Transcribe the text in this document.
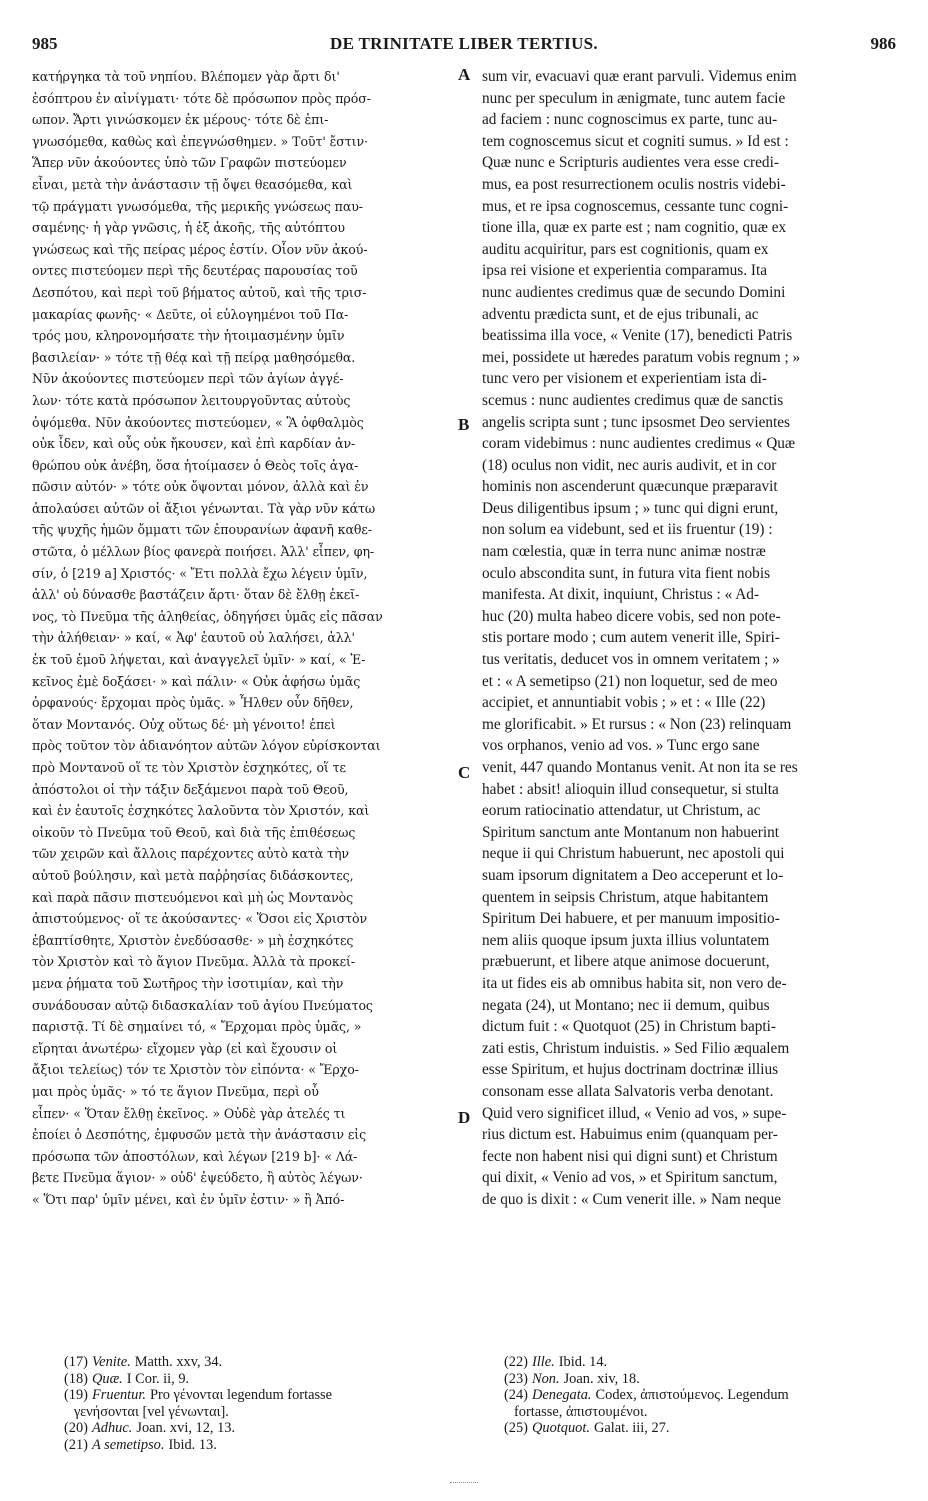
985	DE TRINITATE LIBER TERTIUS.	986
κατήργηκα τὰ τοῦ νηπίου. Βλέπομεν γὰρ ἄρτι δι'
ἐσόπτρου ἐν αἰνίγματι· τότε δὲ πρόσωπον πρὸς πρόσ-
ωπον. Ἄρτι γινώσκομεν ἐκ μέρους· τότε δὲ ἐπι-
γνωσόμεθα, καθὼς καὶ ἐπεγνώσθημεν. » Τοῦτ' ἔστιν·
Ἅπερ νῦν ἀκούοντες ὑπὸ τῶν Γραφῶν πιστεύομεν
εἶναι, μετὰ τὴν ἀνάστασιν τῇ ὄψει θεασόμεθα, καὶ
τῷ πράγματι γνωσόμεθα, τῆς μερικῆς γνώσεως παυ-
σαμένης· ἡ γὰρ γνῶσις, ἡ ἐξ ἀκοῆς, τῆς αὐτόπτου
γνώσεως καὶ τῆς πείρας μέρος ἐστίν. Οἷον νῦν ἀκού-
οντες πιστεύομεν περὶ τῆς δευτέρας παρουσίας τοῦ
Δεσπότου, καὶ περὶ τοῦ βήματος αὐτοῦ, καὶ τῆς τρισ-
μακαρίας φωνῆς· « Δεῦτε, οἱ εὐλογημένοι τοῦ Πα-
τρός μου, κληρονομήσατε τὴν ἡτοιμασμένην ὑμῖν
βασιλείαν· » τότε τῇ θέᾳ καὶ τῇ πείρᾳ μαθησόμεθα.
Νῦν ἀκούοντες πιστεύομεν περὶ τῶν ἁγίων ἀγγέ-
λων· τότε κατὰ πρόσωπον λειτουργοῦντας αὐτοὺς
ὀψόμεθα. Νῦν ἀκούοντες πιστεύομεν, « Ἃ ὀφθαλμὸς
οὐκ ἶδεν, καὶ οὖς οὐκ ἤκουσεν, καὶ ἐπὶ καρδίαν ἀν-
θρώπου οὐκ ἀνέβη, ὅσα ἡτοίμασεν ὁ Θεὸς τοῖς ἀγα-
πῶσιν αὐτόν· » τότε οὐκ ὄψονται μόνον, ἀλλὰ καὶ ἐν
ἀπολαύσει αὐτῶν οἱ ἄξιοι γένωνται. Τὰ γὰρ νῦν κάτω
τῆς ψυχῆς ἡμῶν ὄμματι τῶν ἐπουρανίων ἀφανῆ καθε-
στῶτα, ὁ μέλλων βίος φανερὰ ποιήσει. Ἀλλ' εἶπεν, φη-
σίν, ὁ [219 a] Χριστός· « Ἔτι πολλὰ ἔχω λέγειν ὑμῖν,
ἀλλ' οὐ δύνασθε βαστάζειν ἄρτι· ὅταν δὲ ἔλθῃ ἐκεῖ-
νος, τὸ Πνεῦμα τῆς ἀληθείας, ὁδηγήσει ὑμᾶς εἰς πᾶσαν
τὴν ἀλήθειαν· » καί, « Ἀφ' ἑαυτοῦ οὐ λαλήσει, ἀλλ'
ἐκ τοῦ ἐμοῦ λήψεται, καὶ ἀναγγελεῖ ὑμῖν· » καί, « Ἐ-
κεῖνος ἐμὲ δοξάσει· » καὶ πάλιν· « Οὐκ ἀφήσω ὑμᾶς
ὀρφανούς· ἔρχομαι πρὸς ὑμᾶς. » Ἦλθεν οὖν δῆθεν,
ὅταν Μοντανός. Οὐχ οὕτως δέ· μὴ γένοιτο! ἐπεὶ
πρὸς τοῦτον τὸν ἀδιανόητον αὐτῶν λόγον εὑρίσκονται
πρὸ Μοντανοῦ οἵ τε τὸν Χριστὸν ἐσχηκότες, οἵ τε
ἀπόστολοι οἱ τὴν τάξιν δεξάμενοι παρὰ τοῦ Θεοῦ,
καὶ ἐν ἑαυτοῖς ἐσχηκότες λαλοῦντα τὸν Χριστόν, καὶ
οἰκοῦν τὸ Πνεῦμα τοῦ Θεοῦ, καὶ διὰ τῆς ἐπιθέσεως
τῶν χειρῶν καὶ ἄλλοις παρέχοντες αὐτὸ κατὰ τὴν
αὐτοῦ βούλησιν, καὶ μετὰ παῤῥησίας διδάσκοντες,
καὶ παρὰ πᾶσιν πιστευόμενοι καὶ μὴ ὡς Μοντανὸς
ἀπιστούμενος· οἵ τε ἀκούσαντες· « Ὅσοι εἰς Χριστὸν
ἐβαπτίσθητε, Χριστὸν ἐνεδύσασθε· » μὴ ἐσχηκότες
τὸν Χριστὸν καὶ τὸ ἅγιον Πνεῦμα. Ἀλλὰ τὰ προκεί-
μενα ῥήματα τοῦ Σωτῆρος τὴν ἰσοτιμίαν, καὶ τὴν
συνάδουσαν αὐτῷ διδασκαλίαν τοῦ ἁγίου Πνεύματος
παριστᾷ. Τί δὲ σημαίνει τό, « Ἔρχομαι πρὸς ὑμᾶς, »
εἴρηται ἀνωτέρω· εἴχομεν γὰρ (εἰ καὶ ἔχουσιν οἱ
ἄξιοι τελείως) τόν τε Χριστὸν τὸν εἰπόντα· « Ἔρχο-
μαι πρὸς ὑμᾶς· » τό τε ἅγιον Πνεῦμα, περὶ οὗ
εἶπεν· « Ὅταν ἔλθῃ ἐκεῖνος. » Οὐδὲ γὰρ ἀτελές τι
ἐποίει ὁ Δεσπότης, ἐμφυσῶν μετὰ τὴν ἀνάστασιν εἰς
πρόσωπα τῶν ἀποστόλων, καὶ λέγων [219 b]· « Λά-
βετε Πνεῦμα ἅγιον· » οὐδ' ἐψεύδετο, ἢ αὐτὸς λέγων·
« Ὅτι παρ' ὑμῖν μένει, καὶ ἐν ὑμῖν ἐστιν· » ἢ Ἀπό-
sum vir, evacuavi quæ erant parvuli. Videmus enim
nunc per speculum in ænigmate, tunc autem facie
ad faciem : nunc cognoscimus ex parte, tunc au-
tem cognoscemus sicut et cogniti sumus. » Id est :
Quæ nunc e Scripturis audientes vera esse credi-
mus, ea post resurrectionem oculis nostris videbi-
mus, et re ipsa cognoscemus, cessante tunc cogni-
tione illa, quæ ex parte est ; nam cognitio, quæ ex
auditu acquiritur, pars est cognitionis, quam ex
ipsa rei visione et experientia comparamus. Ita
nunc audientes credimus quæ de secundo Domini
adventu prædicta sunt, et de ejus tribunali, ac
beatissima illa voce, « Venite (17), benedicti Patris
mei, possidete ut hæredes paratum vobis regnum ; »
tunc vero per visionem et experientiam ista di-
scemus : nunc audientes credimus quæ de sanctis
angelis scripta sunt ; tunc ipsosmet Deo servientes
coram videbimus : nunc audientes credimus « Quæ
(18) oculus non vidit, nec auris audivit, et in cor
hominis non ascenderunt quæcunque præparavit
Deus diligentibus ipsum ; » tunc qui digni erunt,
non solum ea videbunt, sed et iis fruentur (19) :
nam cœlestia, quæ in terra nunc animæ nostræ
oculo abscondita sunt, in futura vita fient nobis
manifesta. At dixit, inquiunt, Christus : « Ad-
huc (20) multa habeo dicere vobis, sed non pote-
stis portare modo ; cum autem venerit ille, Spiri-
tus veritatis, deducet vos in omnem veritatem ; »
et : « A semetipso (21) non loquetur, sed de meo
accipiet, et annuntiabit vobis ; » et : « Ille (22)
me glorificabit. » Et rursus : « Non (23) relinquam
vos orphanos, venio ad vos. » Tunc ergo sane
venit, 447 quando Montanus venit. At non ita se res
habet : absit! alioquin illud consequetur, si stulta
eorum ratiocinatio attendatur, ut Christum, ac
Spiritum sanctum ante Montanum non habuerint
neque ii qui Christum habuerunt, nec apostoli qui
suam ipsorum dignitatem a Deo acceperunt et lo-
quentem in seipsis Christum, atque habitantem
Spiritum Dei habuere, et per manuum impositio-
nem aliis quoque ipsum juxta illius voluntatem
præbuerunt, et libere atque animose docuerunt,
ita ut fides eis ab omnibus habita sit, non vero de-
negata (24), ut Montano; nec ii demum, quibus
dictum fuit : « Quotquot (25) in Christum bapti-
zati estis, Christum induistis. » Sed Filio æqualem
esse Spiritum, et hujus doctrinam doctrinæ illius
consonam esse allata Salvatoris verba denotant.
Quid vero significet illud, « Venio ad vos, » supe-
rius dictum est. Habuimus enim (quanquam per-
fecte non habent nisi qui digni sunt) et Christum
qui dixit, « Venio ad vos, » et Spiritum sanctum,
de quo is dixit : « Cum venerit ille. » Nam neque
A
B
C
D
(17) Venite. Matth. xxv, 34.
(18) Quæ. I Cor. ii, 9.
(19) Fruentur. Pro γένονται legendum fortasse
γενήσονται [vel γένωνται].
(20) Adhuc. Joan. xvi, 12, 13.
(21) A semetipso. Ibid. 13.
(22) Ille. Ibid. 14.
(23) Non. Joan. xiv, 18.
(24) Denegata. Codex, ἀπιστούμενος. Legendum
fortasse, ἀπιστουμένοι.
(25) Quotquot. Galat. iii, 27.
